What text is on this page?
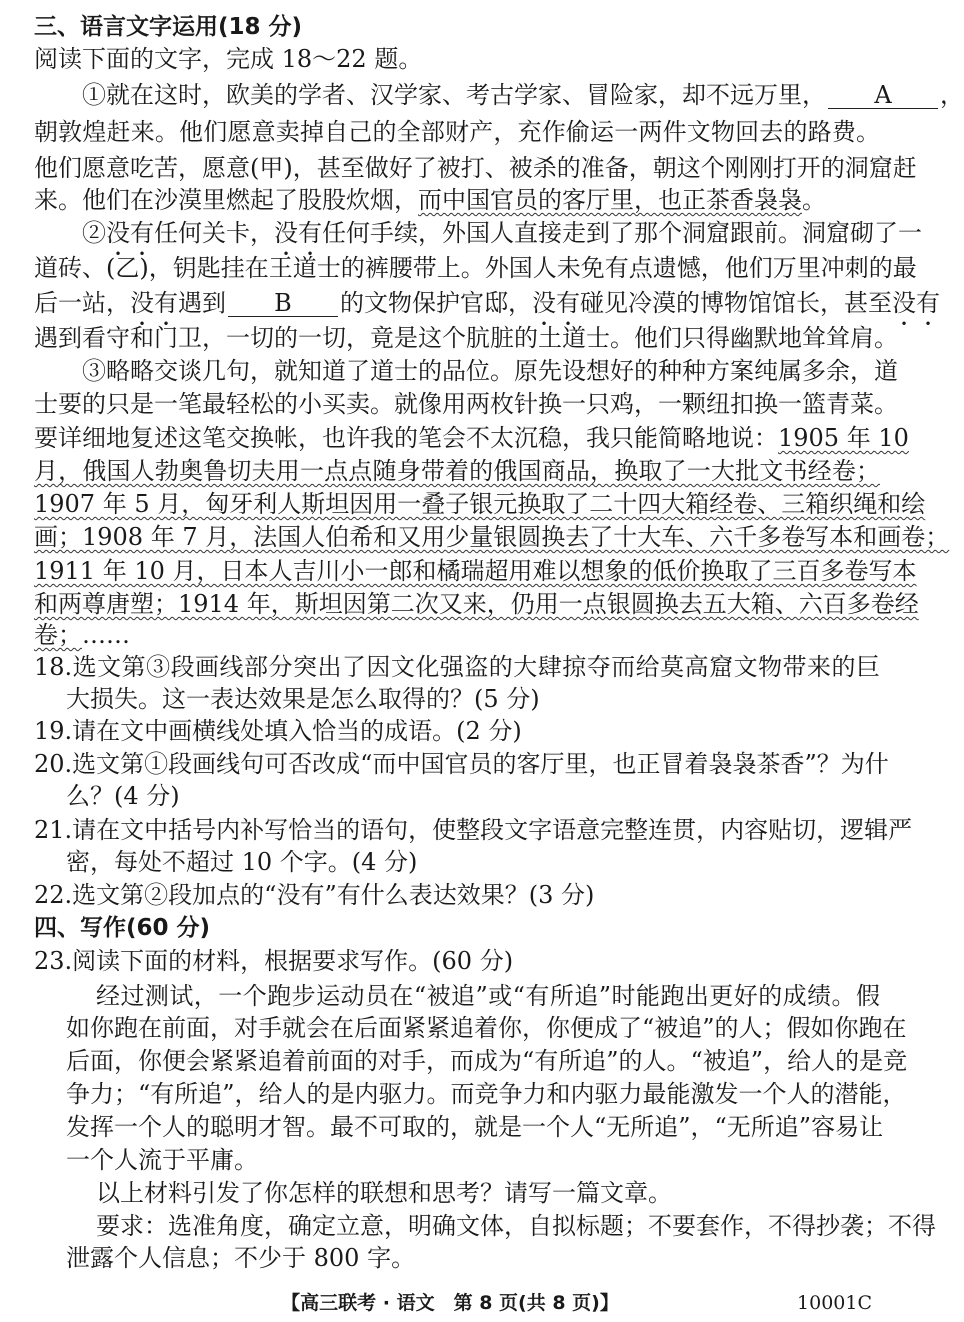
三、语言文字运用(18 分)
阅读下面的文字，完成 18～22 题。
①就在这时，欧美的学者、汉学家、考古学家、冒险家，却不远万里， A ，
朝敦煌赶来。他们愿意卖掉自己的全部财产，充作偷运一两件文物回去的路费。
他们愿意吃苦，愿意(甲)，甚至做好了被打、被杀的准备，朝这个刚刚打开的洞窟赶
来。他们在沙漠里燃起了股股炊烟，而中国官员的客厅里，也正茶香袅袅。
②没有任何关卡，没有任何手续，外国人直接走到了那个洞窟跟前。洞窟砌了一
道砖、(乙)，钥匙挂在王道士的裤腰带上。外国人未免有点遗憾，他们万里冲刺的最
后一站，没有遇到 B 的文物保护官邸，没有碰见冷漠的博物馆馆长，甚至没有
遇到看守和门卫，一切的一切，竟是这个肮脏的土道士。他们只得幽默地耸耸肩。
③略略交谈几句，就知道了道士的品位。原先设想好的种种方案纯属多余，道
士要的只是一笔最轻松的小买卖。就像用两枚针换一只鸡，一颗纽扣换一篮青菜。
要详细地复述这笔交换帐，也许我的笔会不太沉稳，我只能简略地说：1905 年 10
月，俄国人勃奥鲁切夫用一点点随身带着的俄国商品，换取了一大批文书经卷；
1907 年 5 月，匈牙利人斯坦因用一叠子银元换取了二十四大箱经卷、三箱织绳和绘
画；1908 年 7 月，法国人伯希和又用少量银圆换去了十大车、六千多卷写本和画卷；
1911 年 10 月，日本人吉川小一郎和橘瑞超用难以想象的低价换取了三百多卷写本
和两尊唐塑；1914 年，斯坦因第二次又来，仍用一点银圆换去五大箱、六百多卷经
卷；……
18.选文第③段画线部分突出了因文化强盗的大肆掠夺而给莫高窟文物带来的巨
大损失。这一表达效果是怎么取得的？(5 分)
19.请在文中画横线处填入恰当的成语。(2 分)
20.选文第①段画线句可否改成“而中国官员的客厅里，也正冒着袅袅茶香”？为什
么？(4 分)
21.请在文中括号内补写恰当的语句，使整段文字语意完整连贯，内容贴切，逻辑严
密，每处不超过 10 个字。(4 分)
22.选文第②段加点的“没有”有什么表达效果？(3 分)
四、写作(60 分)
23.阅读下面的材料，根据要求写作。(60 分)
经过测试，一个跑步运动员在“被追”或“有所追”时能跑出更好的成绩。假
如你跑在前面，对手就会在后面紧紧追着你，你便成了“被追”的人；假如你跑在
后面，你便会紧紧追着前面的对手，而成为“有所追”的人。“被追”，给人的是竞
争力；“有所追”，给人的是内驱力。而竞争力和内驱力最能激发一个人的潜能，
发挥一个人的聪明才智。最不可取的，就是一个人“无所追”，“无所追”容易让
一个人流于平庸。
以上材料引发了你怎样的联想和思考？请写一篇文章。
要求：选准角度，确定立意，明确文体，自拟标题；不要套作，不得抄袭；不得
泄露个人信息；不少于 800 字。
【高三联考 · 语文　第 8 页(共 8 页)】	10001C
